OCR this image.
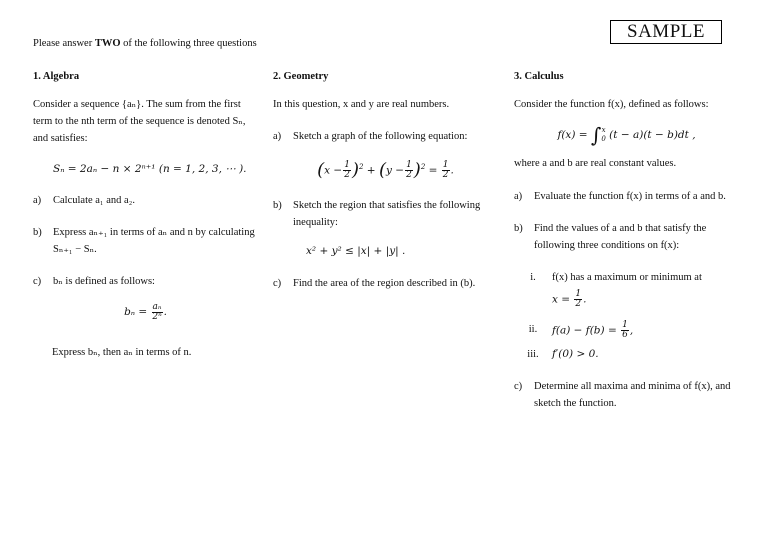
SAMPLE
Please answer TWO of the following three questions
1. Algebra

Consider a sequence {aₙ}. The sum from the first term to the nth term of the sequence is denoted Sₙ, and satisfies:

Sₙ = 2aₙ − n × 2ⁿ⁺¹ (n = 1, 2, 3, ⋯ ).

a)	Calculate a₁ and a₂.
b)	Express aₙ₊₁ in terms of aₙ and n by calculating Sₙ₊₁ − Sₙ.
c)	bₙ is defined as follows:
$b_n = \frac{\text{aₙ}}{\text{2ⁿ}}$ .

Express bₙ, then aₙ in terms of n.

2. Geometry

In this question, x and y are real numbers.

a)	Sketch a graph of the following equation:
$(x - \frac{1}{2} )^2 + (y - \frac{1}{2} )^2 = \frac{1}{2}$ .
b)	Sketch the region that satisfies the following inequality:

x² + y² ≤ |x| + |y| .

c)	Find the area of the region described in (b).
3. Calculus

Consider the function f(x), defined as follows:

f(x) = ∫ x
0 (t − a)(t − b)dt ,

where a and b are real constant values.

a)	Evaluate the function f(x) in terms of a and b.
b)	Find the values of a and b that satisfy the following three conditions on f(x):
i.	f(x) has a maximum or minimum at
$x = \frac{1}{2}$ .
ii.	$f(a) - f(b) = \frac{1}{6}$ ,
iii.	f′(0) > 0.
c)	Determine all maxima and minima of f(x), and sketch the function.
